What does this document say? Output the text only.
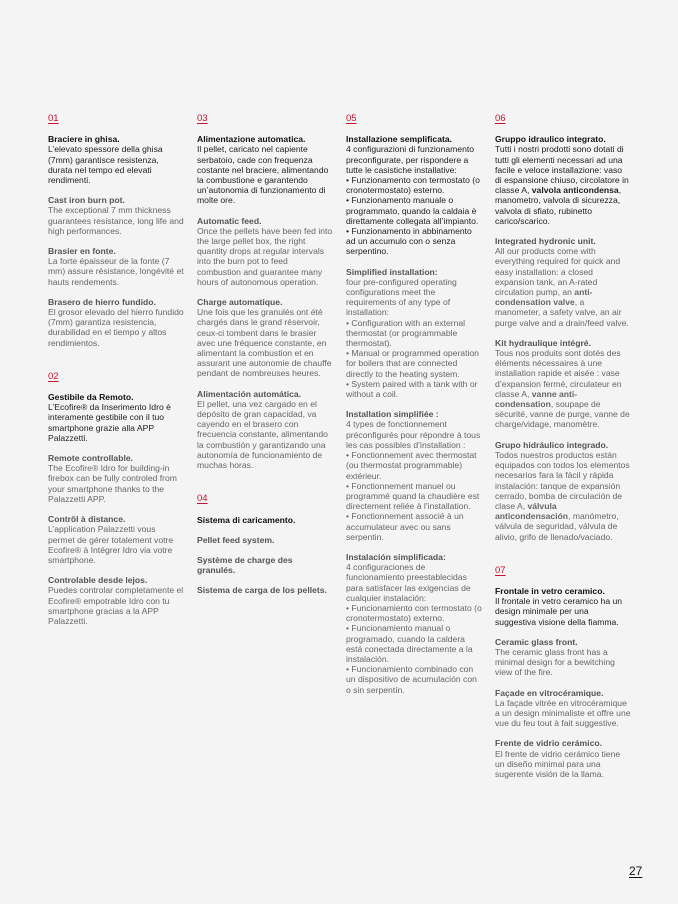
01
Braciere in ghisa.
L’elevato spessore della ghisa (7mm) garantisce resistenza, durata nel tempo ed elevati rendimenti.
Cast iron burn pot.
The exceptional 7 mm thickness guarantees resistance, long life and high performances.
Brasier en fonte.
La forte épaisseur de la fonte (7 mm) assure résistance, longévité et hauts rendements.
Brasero de hierro fundido.
El grosor elevado del hierro fundido (7mm) garantiza resistencia, durabilidad en el tiempo y altos rendimientos.
02
Gestibile da Remoto.
L’Ecofire® da Inserimento Idro è interamente gestibile con il tuo smartphone grazie alla APP Palazzetti.
Remote controllable.
The Ecofire® Idro for building-in firebox can be fully controled from your smartphone thanks to the Palazzetti APP.
Contrôl à distance.
L’application Palazzetti vous permet de gérer totalement votre Ecofire® à Intégrer Idro via votre smartphone.
Controlable desde lejos.
Puedes controlar completamente el Ecofire® empotrable Idro con tu smartphone gracias a la APP Palazzetti.
03
Alimentazione automatica.
Il pellet, caricato nel capiente serbatoio, cade con frequenza costante nel braciere, alimentando la combustione e garantendo un’autonomia di funzionamento di molte ore.
Automatic feed.
Once the pellets have been fed into the large pellet box, the right quantity drops at regular intervals into the burn pot to feed combustion and guarantee many hours of autonomous operation.
Charge automatique.
Une fois que les granulés ont été chargés dans le grand réservoir, ceux-ci tombent dans le brasier avec une fréquence constante, en alimentant la combustion et en assurant une autonomie de chauffe pendant de nombreuses heures.
Alimentación automática.
El pellet, una vez cargado en el depósito de gran capacidad, va cayendo en el brasero con frecuencia constante, alimentando la combustión y garantizando una autonomía de funcionamiento de muchas horas.
04
Sistema di caricamento.
Pellet feed system.
Système de charge des granulés.
Sistema de carga de los pellets.
05
Installazione semplificata.
4 configurazioni di funzionamento preconfigurate, per rispondere a tutte le casistiche installative:
• Funzionamento con termostato (o cronotermostato) esterno.
• Funzionamento manuale o programmato, quando la caldaia è direttamente collegata all’impianto.
• Funzionamento in abbinamento ad un accumulo con o senza serpentino.
Simplified installation:
four pre-configured operating configurations meet the requirements of any type of installation:
• Configuration with an external thermostat (or programmable thermostat).
• Manual or programmed operation for boilers that are connected directly to the heating system.
• System paired with a tank with or without a coil.
Installation simplifiée :
4 types de fonctionnement préconfigurés pour répondre à tous les cas possibles d’installation :
• Fonctionnement avec thermostat (ou thermostat programmable) extérieur.
• Fonctionnement manuel ou programmé quand la chaudière est directement reliée à l’installation.
• Fonctionnement associé à un accumulateur avec ou sans serpentin.
Instalación simplificada:
4 configuraciones de funcionamiento preestablecidas para satisfacer las exigencias de cualquier instalación:
• Funcionamiento con termostato (o cronotermostato) externo.
• Funcionamiento manual o programado, cuando la caldera está conectada directamente a la instalación.
• Funcionamiento combinado con un dispositivo de acumulación con o sin serpentín.
06
Gruppo idraulico integrato.
Tutti i nostri prodotti sono dotati di tutti gli elementi necessari ad una facile e veloce installazione: vaso di espansione chiuso, circolatore in classe A, valvola anticondensa, manometro, valvola di sicurezza, valvola di sfiato, rubinetto carico/scarico.
Integrated hydronic unit.
All our products come with everything required for quick and easy installation: a closed expansion tank, an A-rated circulation pump, an anti-condensation valve, a manometer, a safety valve, an air purge valve and a drain/feed valve.
Kit hydraulique intégré.
Tous nos produits sont dotés des éléments nécessaires à une installation rapide et aisée : vase d’expansion fermé, circulateur en classe A, vanne anti-condensation, soupape de sécurité, vanne de purge, vanne de charge/vidage, manomètre.
Grupo hidráulico integrado.
Todos nuestros productos están equipados con todos los elementos necesarios fara la fácil y rápida instalación: tanque de expansión cerrado, bomba de circulación de clase A, válvula anticondensación, manómetro, válvula de seguridad, válvula de alivio, grifo de llenado/vaciado.
07
Frontale in vetro ceramico.
Il frontale in vetro ceramico ha un design minimale per una suggestiva visione della fiamma.
Ceramic glass front.
The ceramic glass front has a minimal design for a bewitching view of the fire.
Façade en vitrocéramique.
La façade vitrée en vitrocéramique a un design minimaliste et offre une vue du feu tout à fait suggestive.
Frente de vidrio cerámico.
El frente de vidrio cerámico tiene un diseño minimal para una sugerente visión de la llama.
27
